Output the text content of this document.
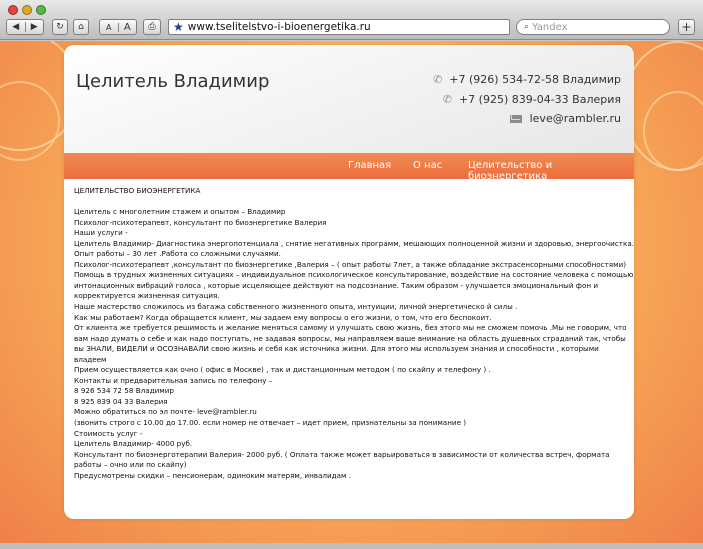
◀	▶	↻	⌂	A	A	⎙	★ www.tselitelstvo-i-bioenergetika.ru	⌕ Yandex	+
Целитель Владимир	✆ +7 (926) 534-72-58 Владимир
✆ +7 (925) 839-04-33 Валерия
leve@rambler.ru
Главная О нас	Целительство и биоэнергетика

ЦЕЛИТЕЛЬСТВО БИОЭНЕРГЕТИКА

Целитель с многолетним стажем и опытом – Владимир

Психолог-психотерапевт, консультант по биоэнергетике Валерия

Наши услуги -

Целитель Владимир- Диагностика энергопотенциала , снятие негативных программ, мешающих полноценной жизни и здоровью, энергоочистка.

Опыт работы – 30 лет .Работа со сложными случаями.

Психолог-психотерапевт ,консультант по биоэнергетике ,Валерия – ( опыт работы 7лет, а также обладание экстрасенсорными способностями)

Помощь в трудных жизненных ситуациях – индивидуальное психологическое консультирование, воздействие на состояние человека с помощью

интонационных вибраций голоса , которые исцеляющее действуют на подсознание. Таким образом - улучшается эмоциональный фон и

корректируется жизненная ситуация.

Наше мастерство сложилось из багажа собственного жизненного опыта, интуиции, личной энергетическо й силы .

Как мы работаем? Когда обращается клиент, мы задаем ему вопросы о его жизни, о том, что его беспокоит.

От клиента же требуется решимость и желание меняться самому и улучшать свою жизнь, без этого мы не сможем помочь .Мы не говорим, что

вам надо думать о себе и как надо поступать, не задавая вопросы, мы направляем ваше внимание на область душевных страданий так, чтобы

вы ЗНАЛИ, ВИДЕЛИ и ОСОЗНАВАЛИ свою жизнь и себя как источника жизни. Для этого мы используем знания и способности , которыми

владеем

Прием осуществляется как очно ( офис в Москве) , так и дистанционным методом ( по скайпу и телефону ) .

Контакты и предварительная запись по телефону –

8 926 534 72 58 Владимир

8 925 839 04 33 Валерия

Можно обратиться по эл почте- leve@rambler.ru

(звонить строго с 10.00 до 17.00. если номер не отвечает – идет прием, признательны за понимание )

Стоимость услуг -

Целитель Владимир- 4000 руб.

Консультант по биоэнерготерапии Валерия- 2000 руб. ( Оплата также может варьироваться в зависимости от количества встреч, формата

работы – очно или по скайпу)

Предусмотрены скидки – пенсионерам, одиноким матерям, инвалидам .
